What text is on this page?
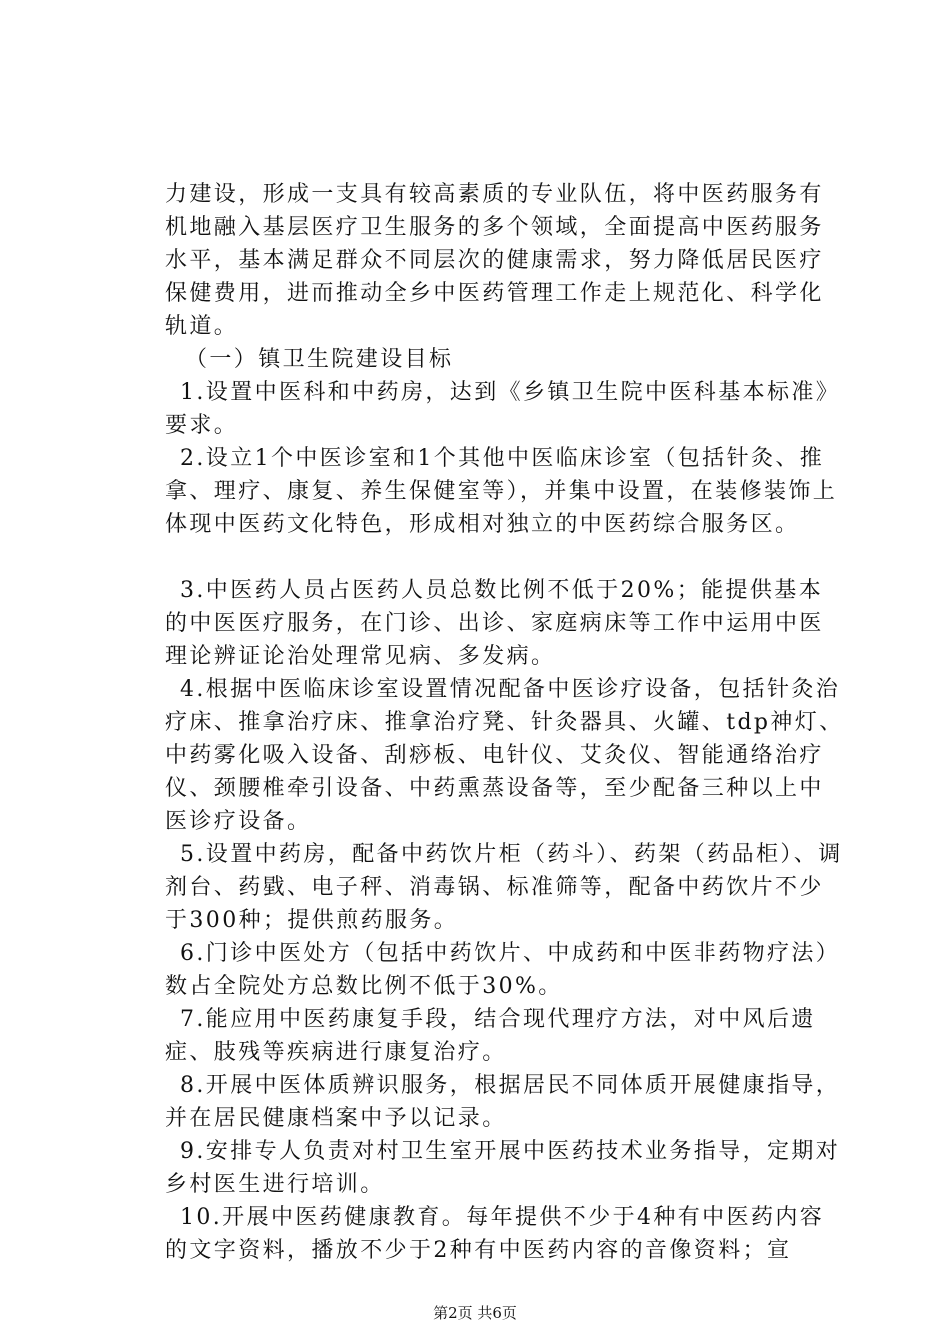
力建设，形成一支具有较高素质的专业队伍，将中医药服务有机地融入基层医疗卫生服务的多个领域，全面提高中医药服务水平，基本满足群众不同层次的健康需求，努力降低居民医疗保健费用，进而推动全乡中医药管理工作走上规范化、科学化轨道。

（一）镇卫生院建设目标

1.设置中医科和中药房，达到《乡镇卫生院中医科基本标准》要求。

2.设立1个中医诊室和1个其他中医临床诊室（包括针灸、推拿、理疗、康复、养生保健室等），并集中设置，在装修装饰上体现中医药文化特色，形成相对独立的中医药综合服务区。

3.中医药人员占医药人员总数比例不低于20%；能提供基本的中医医疗服务，在门诊、出诊、家庭病床等工作中运用中医理论辨证论治处理常见病、多发病。

4.根据中医临床诊室设置情况配备中医诊疗设备，包括针灸治疗床、推拿治疗床、推拿治疗凳、针灸器具、火罐、tdp神灯、中药雾化吸入设备、刮痧板、电针仪、艾灸仪、智能通络治疗仪、颈腰椎牵引设备、中药熏蒸设备等，至少配备三种以上中医诊疗设备。

5.设置中药房，配备中药饮片柜（药斗）、药架（药品柜）、调剂台、药戥、电子秤、消毒锅、标准筛等，配备中药饮片不少于300种；提供煎药服务。

6.门诊中医处方（包括中药饮片、中成药和中医非药物疗法）数占全院处方总数比例不低于30%。

7.能应用中医药康复手段，结合现代理疗方法，对中风后遗症、肢残等疾病进行康复治疗。

8.开展中医体质辨识服务，根据居民不同体质开展健康指导，并在居民健康档案中予以记录。

9.安排专人负责对村卫生室开展中医药技术业务指导，定期对乡村医生进行培训。

10.开展中医药健康教育。每年提供不少于4种有中医药内容的文字资料，播放不少于2种有中医药内容的音像资料；宣

第2页 共6页
